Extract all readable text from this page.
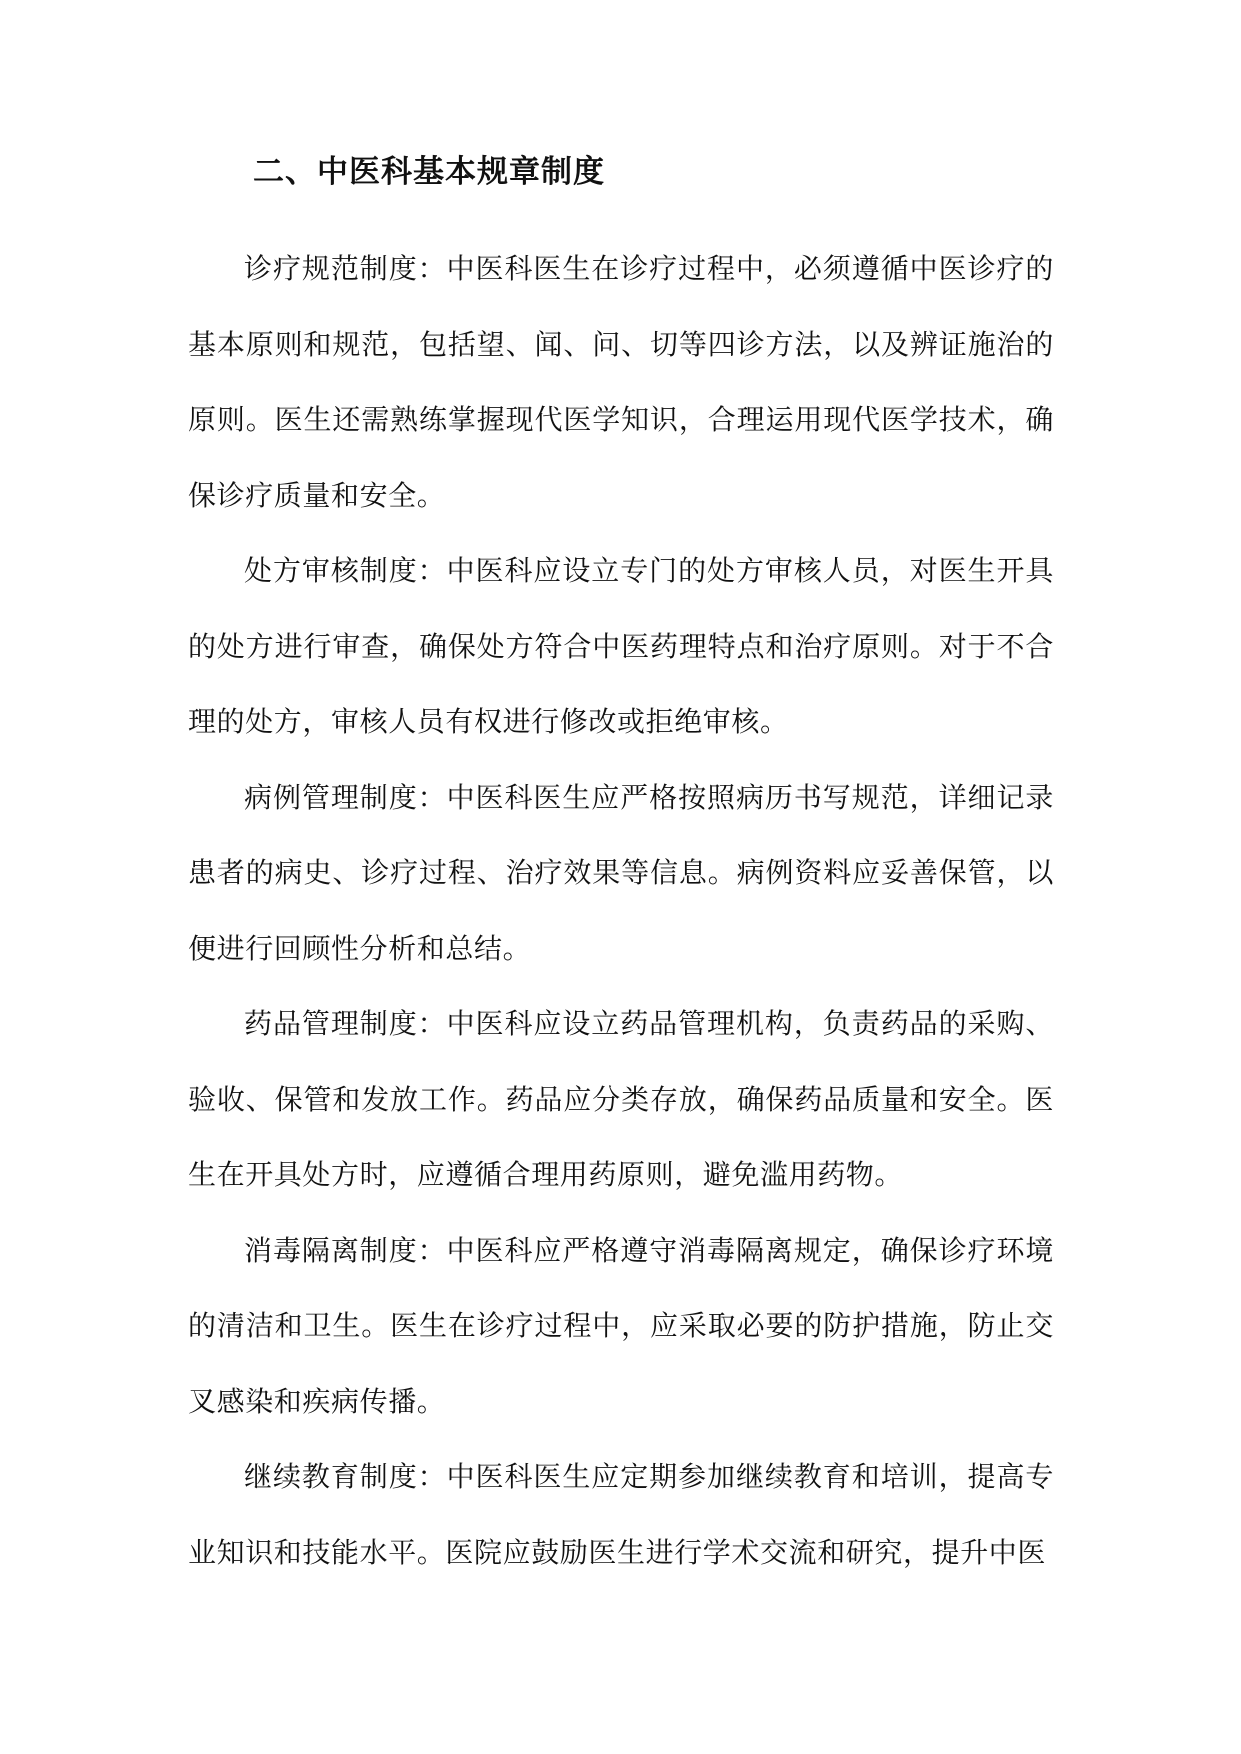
二、中医科基本规章制度

诊疗规范制度：中医科医生在诊疗过程中，必须遵循中医诊疗的基本原则和规范，包括望、闻、问、切等四诊方法，以及辨证施治的原则。医生还需熟练掌握现代医学知识，合理运用现代医学技术，确保诊疗质量和安全。

处方审核制度：中医科应设立专门的处方审核人员，对医生开具的处方进行审查，确保处方符合中医药理特点和治疗原则。对于不合理的处方，审核人员有权进行修改或拒绝审核。

病例管理制度：中医科医生应严格按照病历书写规范，详细记录患者的病史、诊疗过程、治疗效果等信息。病例资料应妥善保管，以便进行回顾性分析和总结。

药品管理制度：中医科应设立药品管理机构，负责药品的采购、验收、保管和发放工作。药品应分类存放，确保药品质量和安全。医生在开具处方时，应遵循合理用药原则，避免滥用药物。

消毒隔离制度：中医科应严格遵守消毒隔离规定，确保诊疗环境的清洁和卫生。医生在诊疗过程中，应采取必要的防护措施，防止交叉感染和疾病传播。

继续教育制度：中医科医生应定期参加继续教育和培训，提高专业知识和技能水平。医院应鼓励医生进行学术交流和研究，提升中医
